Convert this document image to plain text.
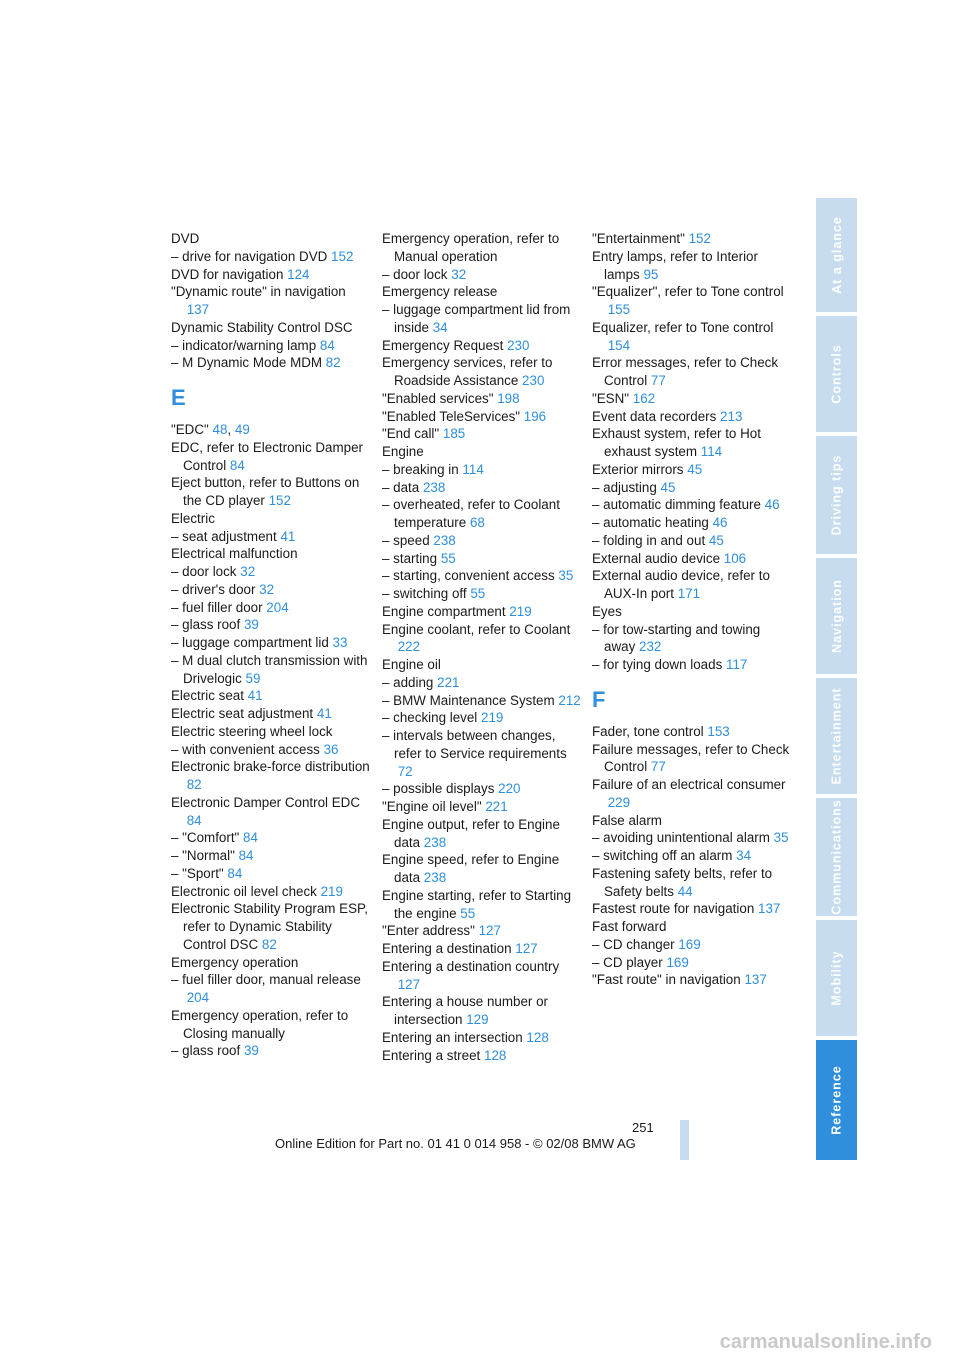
DVD
– drive for navigation DVD 152
DVD for navigation 124
"Dynamic route" in navigation 137
Dynamic Stability Control DSC
– indicator/warning lamp 84
– M Dynamic Mode MDM 82
E
"EDC" 48, 49
EDC, refer to Electronic Damper Control 84
Eject button, refer to Buttons on the CD player 152
Electric
– seat adjustment 41
Electrical malfunction
– door lock 32
– driver's door 32
– fuel filler door 204
– glass roof 39
– luggage compartment lid 33
– M dual clutch transmission with Drivelogic 59
Electric seat 41
Electric seat adjustment 41
Electric steering wheel lock
– with convenient access 36
Electronic brake-force distribution 82
Electronic Damper Control EDC 84
– "Comfort" 84
– "Normal" 84
– "Sport" 84
Electronic oil level check 219
Electronic Stability Program ESP, refer to Dynamic Stability Control DSC 82
Emergency operation
– fuel filler door, manual release 204
Emergency operation, refer to Closing manually
– glass roof 39
Emergency operation, refer to Manual operation
– door lock 32
Emergency release
– luggage compartment lid from inside 34
Emergency Request 230
Emergency services, refer to Roadside Assistance 230
"Enabled services" 198
"Enabled TeleServices" 196
"End call" 185
Engine
– breaking in 114
– data 238
– overheated, refer to Coolant temperature 68
– speed 238
– starting 55
– starting, convenient access 35
– switching off 55
Engine compartment 219
Engine coolant, refer to Coolant 222
Engine oil
– adding 221
– BMW Maintenance System 212
– checking level 219
– intervals between changes, refer to Service requirements 72
– possible displays 220
"Engine oil level" 221
Engine output, refer to Engine data 238
Engine speed, refer to Engine data 238
Engine starting, refer to Starting the engine 55
"Enter address" 127
Entering a destination 127
Entering a destination country 127
Entering a house number or intersection 129
Entering an intersection 128
Entering a street 128
"Entertainment" 152
Entry lamps, refer to Interior lamps 95
"Equalizer", refer to Tone control 155
Equalizer, refer to Tone control 154
Error messages, refer to Check Control 77
"ESN" 162
Event data recorders 213
Exhaust system, refer to Hot exhaust system 114
Exterior mirrors 45
– adjusting 45
– automatic dimming feature 46
– automatic heating 46
– folding in and out 45
External audio device 106
External audio device, refer to AUX-In port 171
Eyes
– for tow-starting and towing away 232
– for tying down loads 117
F
Fader, tone control 153
Failure messages, refer to Check Control 77
Failure of an electrical consumer 229
False alarm
– avoiding unintentional alarm 35
– switching off an alarm 34
Fastening safety belts, refer to Safety belts 44
Fastest route for navigation 137
Fast forward
– CD changer 169
– CD player 169
"Fast route" in navigation 137
At a glance
Controls
Driving tips
Navigation
Entertainment
Communications
Mobility
Reference
251
Online Edition for Part no. 01 41 0 014 958 - © 02/08 BMW AG
carmanualsonline.info
